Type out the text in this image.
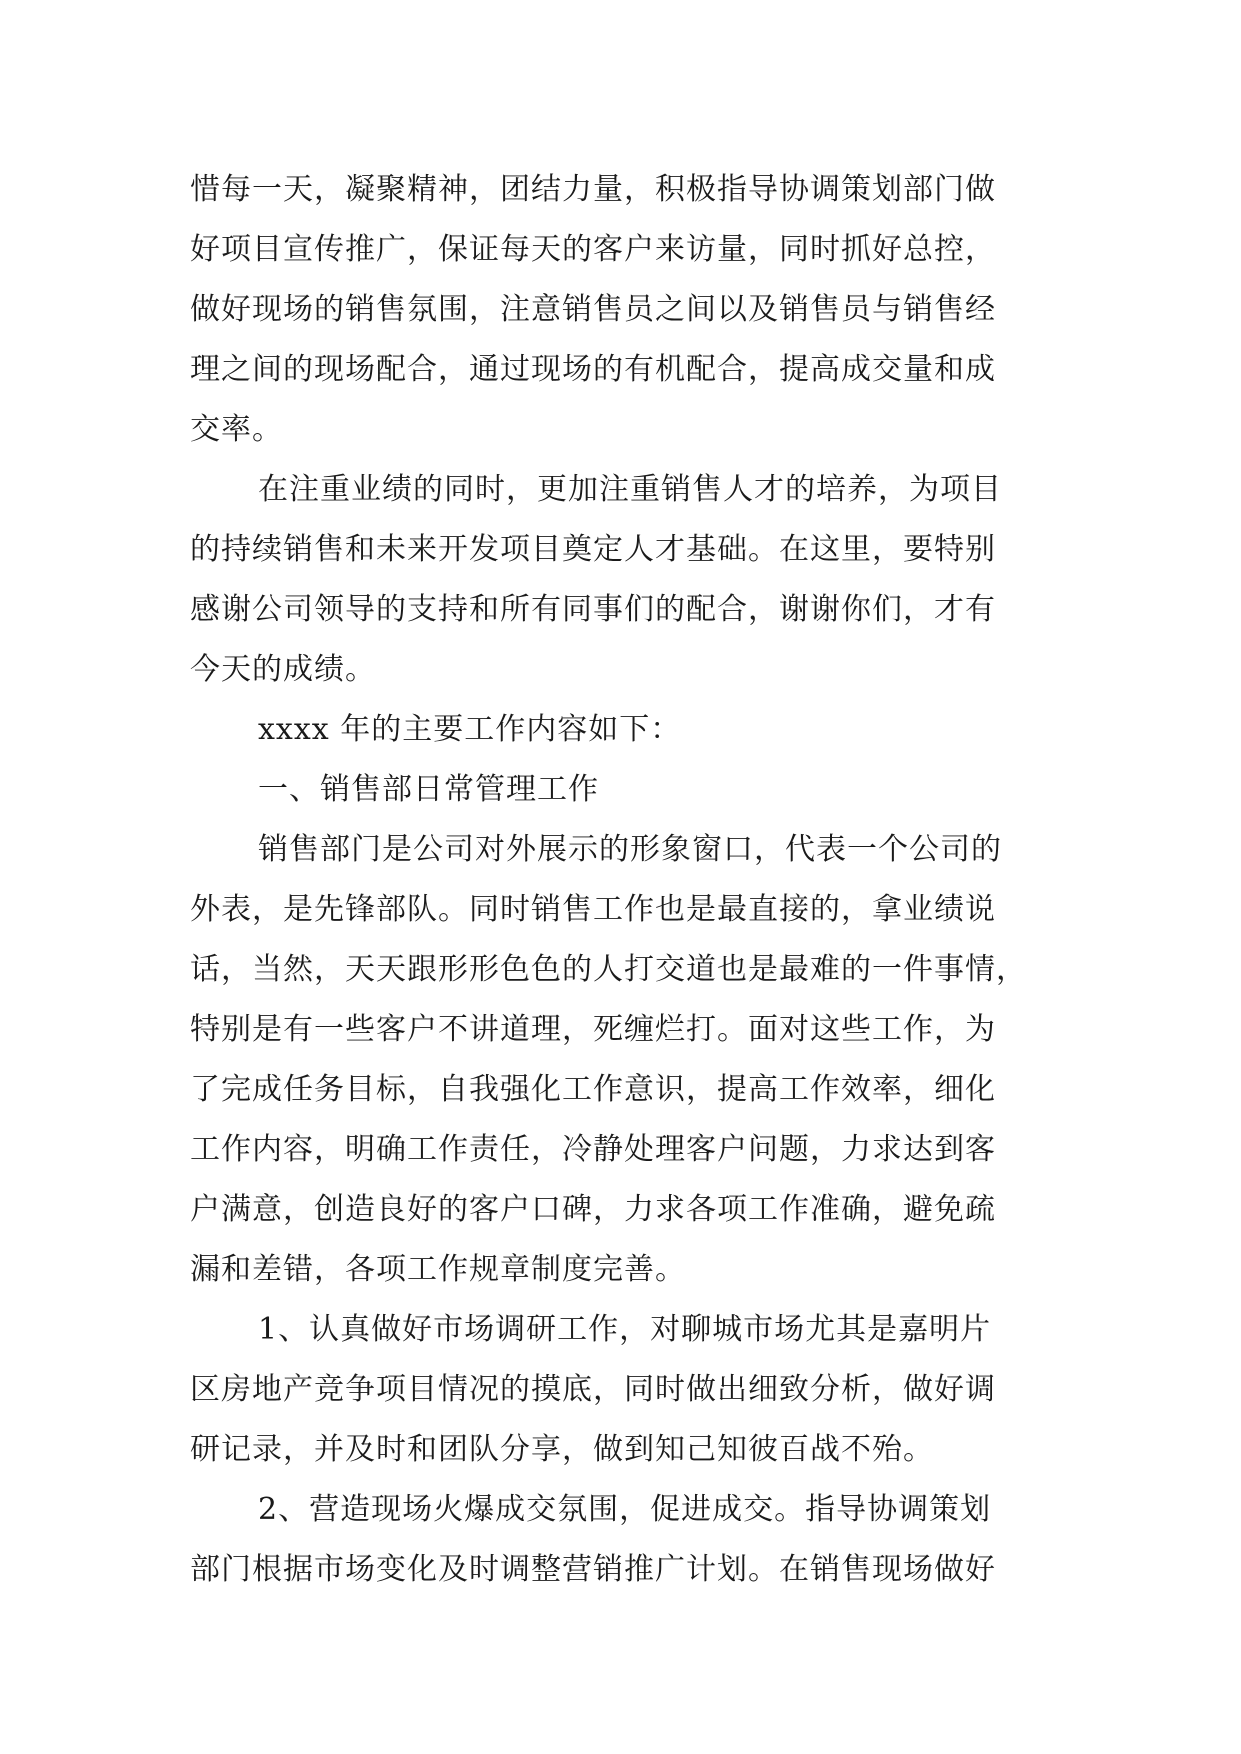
惜每一天，凝聚精神，团结力量，积极指导协调策划部门做
好项目宣传推广，保证每天的客户来访量，同时抓好总控，
做好现场的销售氛围，注意销售员之间以及销售员与销售经
理之间的现场配合，通过现场的有机配合，提高成交量和成
交率。
在注重业绩的同时，更加注重销售人才的培养，为项目
的持续销售和未来开发项目奠定人才基础。在这里，要特别
感谢公司领导的支持和所有同事们的配合，谢谢你们，才有
今天的成绩。
xxxx 年的主要工作内容如下：
一、销售部日常管理工作
销售部门是公司对外展示的形象窗口，代表一个公司的
外表，是先锋部队。同时销售工作也是最直接的，拿业绩说
话，当然，天天跟形形色色的人打交道也是最难的一件事情，
特别是有一些客户不讲道理，死缠烂打。面对这些工作，为
了完成任务目标，自我强化工作意识，提高工作效率，细化
工作内容，明确工作责任，冷静处理客户问题，力求达到客
户满意，创造良好的客户口碑，力求各项工作准确，避免疏
漏和差错，各项工作规章制度完善。
1、认真做好市场调研工作，对聊城市场尤其是嘉明片
区房地产竞争项目情况的摸底，同时做出细致分析，做好调
研记录，并及时和团队分享，做到知己知彼百战不殆。
2、营造现场火爆成交氛围，促进成交。指导协调策划
部门根据市场变化及时调整营销推广计划。在销售现场做好
